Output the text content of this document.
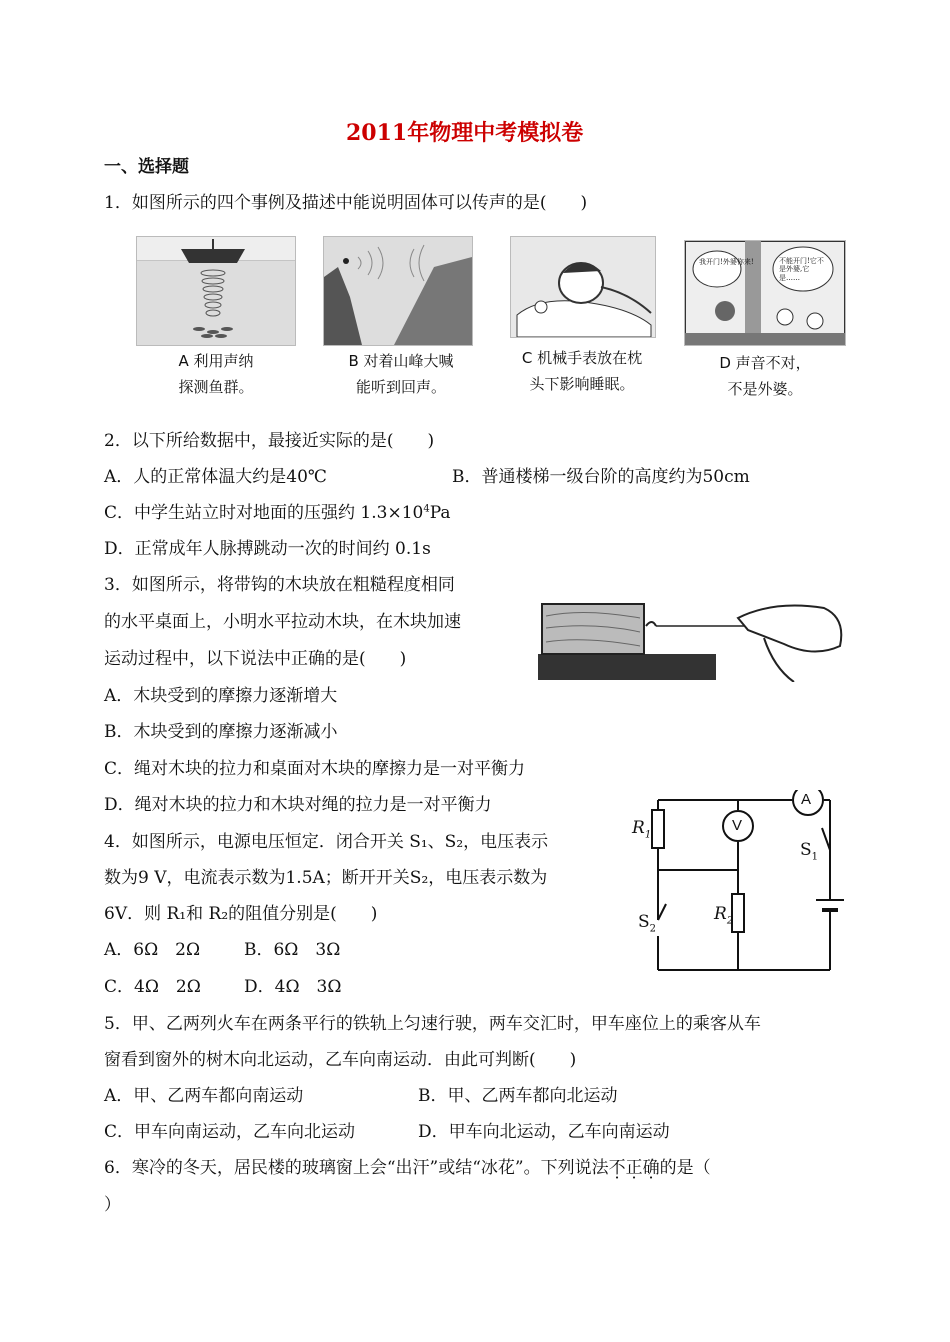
2011年物理中考模拟卷
一、选择题
1．如图所示的四个事例及描述中能说明固体可以传声的是(　　)
我开门!外婆你来!	不能开门!它不是外婆,它是……
A 利用声纳
探测鱼群。
B 对着山峰大喊
能听到回声。
C 机械手表放在枕
头下影响睡眠。
D 声音不对，
不是外婆。
2．以下所给数据中，最接近实际的是(　　)
A．人的正常体温大约是40℃	B．普通楼梯一级台阶的高度约为50cm
C．中学生站立时对地面的压强约 $1.3\times 10^4Pa$
D．正常成年人脉搏跳动一次的时间约 0.1s
3．如图所示，将带钩的木块放在粗糙程度相同
的水平桌面上，小明水平拉动木块，在木块加速
运动过程中，以下说法中正确的是(　　)
A．木块受到的摩擦力逐渐增大
B．木块受到的摩擦力逐渐减小
C．绳对木块的拉力和桌面对木块的摩擦力是一对平衡力
D．绳对木块的拉力和木块对绳的拉力是一对平衡力	A
V
$R_1$
$R_2$
$S_1$
$S_2$
4．如图所示，电源电压恒定．闭合开关 S₁、S₂，电压表示
数为9 V，电流表示数为1.5A；断开开关S₂，电压表示数为
6V．则 R₁和 R₂的阻值分别是(　　)
A．6Ω　2Ω	B．6Ω　3Ω
C．4Ω　2Ω	D．4Ω　3Ω
5．甲、乙两列火车在两条平行的铁轨上匀速行驶，两车交汇时，甲车座位上的乘客从车
窗看到窗外的树木向北运动，乙车向南运动．由此可判断(　　)
A．甲、乙两车都向南运动	B．甲、乙两车都向北运动
C．甲车向南运动，乙车向北运动	D．甲车向北运动，乙车向南运动
6．寒冷的冬天，居民楼的玻璃窗上会“出汗”或结“冰花”。下列说法不正确的是（
）
